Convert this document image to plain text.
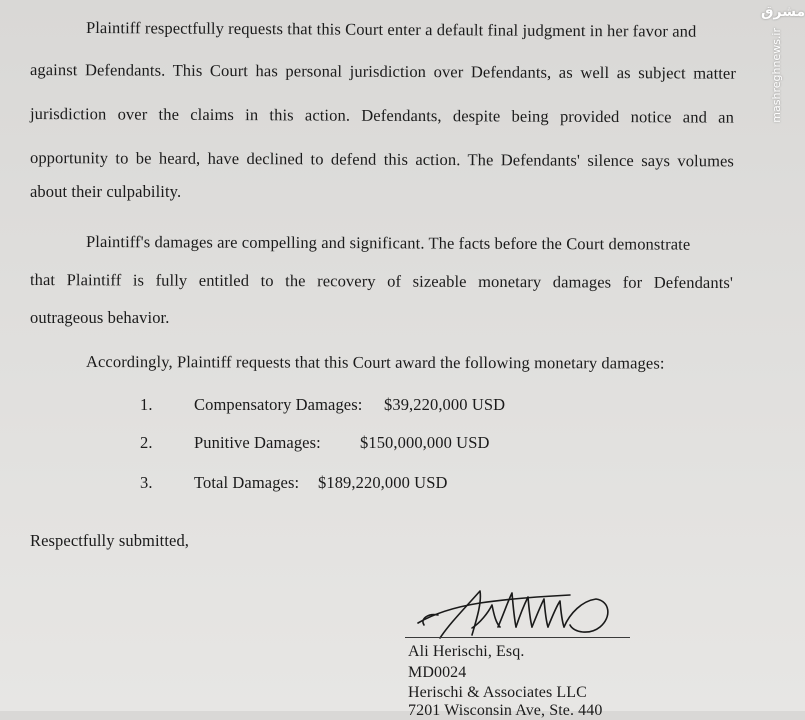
Plaintiff respectfully requests that this Court enter a default final judgment in her favor and
against Defendants. This Court has personal jurisdiction over Defendants, as well as subject matter
jurisdiction over the claims in this action. Defendants, despite being provided notice and an
opportunity to be heard, have declined to defend this action. The Defendants' silence says volumes
about their culpability.
Plaintiff's damages are compelling and significant. The facts before the Court demonstrate
that Plaintiff is fully entitled to the recovery of sizeable monetary damages for Defendants'
outrageous behavior.
Accordingly, Plaintiff requests that this Court award the following monetary damages:
1.	Compensatory Damages: $39,220,000 USD
2.	Punitive Damages: $150,000,000 USD
3.	Total Damages: $189,220,000 USD
Respectfully submitted,
Ali Herischi, Esq.
MD0024
Herischi & Associates LLC
7201 Wisconsin Ave, Ste. 440
مشرق
mashreghnews.ir
